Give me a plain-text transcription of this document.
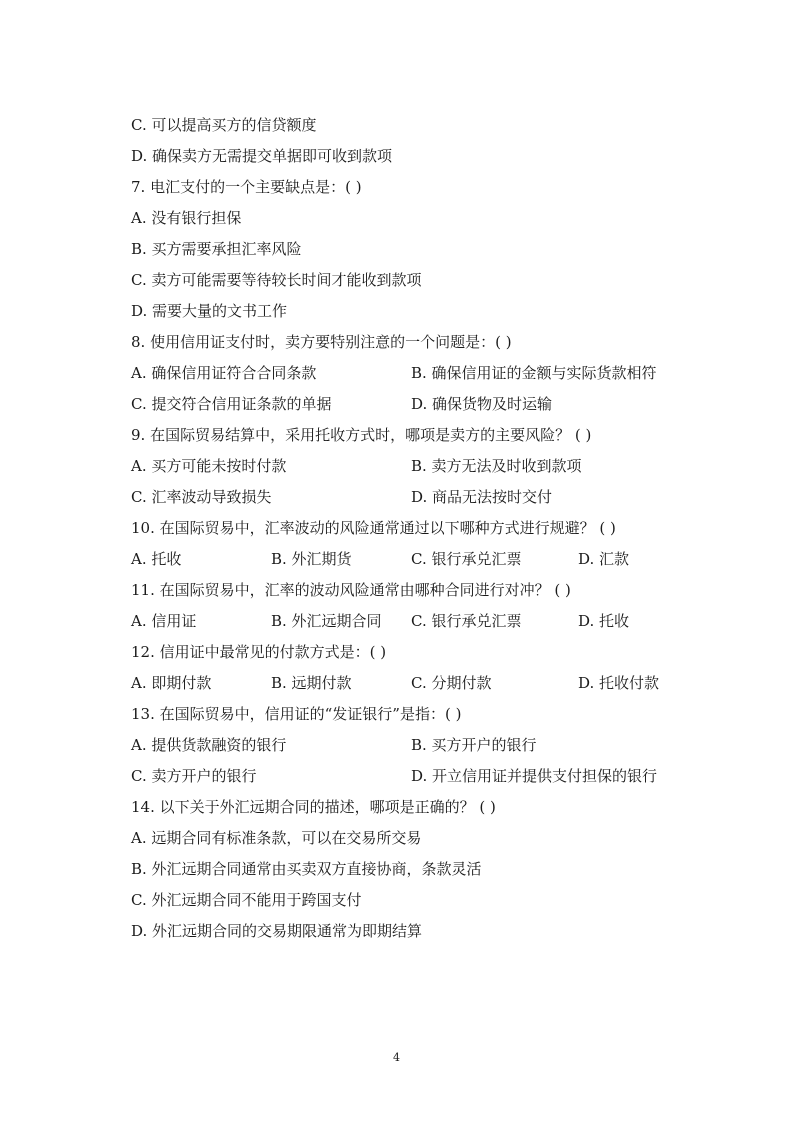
C. 可以提高买方的信贷额度
D. 确保卖方无需提交单据即可收到款项
7. 电汇支付的一个主要缺点是：( )
A. 没有银行担保
B. 买方需要承担汇率风险
C. 卖方可能需要等待较长时间才能收到款项
D. 需要大量的文书工作
8. 使用信用证支付时，卖方要特别注意的一个问题是：( )
A. 确保信用证符合合同条款	B. 确保信用证的金额与实际货款相符
C. 提交符合信用证条款的单据	D. 确保货物及时运输
9. 在国际贸易结算中，采用托收方式时，哪项是卖方的主要风险？ ( )
A. 买方可能未按时付款	B. 卖方无法及时收到款项
C. 汇率波动导致损失	D. 商品无法按时交付
10. 在国际贸易中，汇率波动的风险通常通过以下哪种方式进行规避？ ( )
A. 托收	B. 外汇期货	C. 银行承兑汇票	D. 汇款
11. 在国际贸易中，汇率的波动风险通常由哪种合同进行对冲？ ( )
A. 信用证	B. 外汇远期合同 C. 银行承兑汇票	D. 托收
12. 信用证中最常见的付款方式是：( )
A. 即期付款	B. 远期付款	C. 分期付款	D. 托收付款
13. 在国际贸易中，信用证的“发证银行”是指：( )
A. 提供货款融资的银行	B. 买方开户的银行
C. 卖方开户的银行	D. 开立信用证并提供支付担保的银行
14. 以下关于外汇远期合同的描述，哪项是正确的？ ( )
A. 远期合同有标准条款，可以在交易所交易
B. 外汇远期合同通常由买卖双方直接协商，条款灵活
C. 外汇远期合同不能用于跨国支付
D. 外汇远期合同的交易期限通常为即期结算
4
